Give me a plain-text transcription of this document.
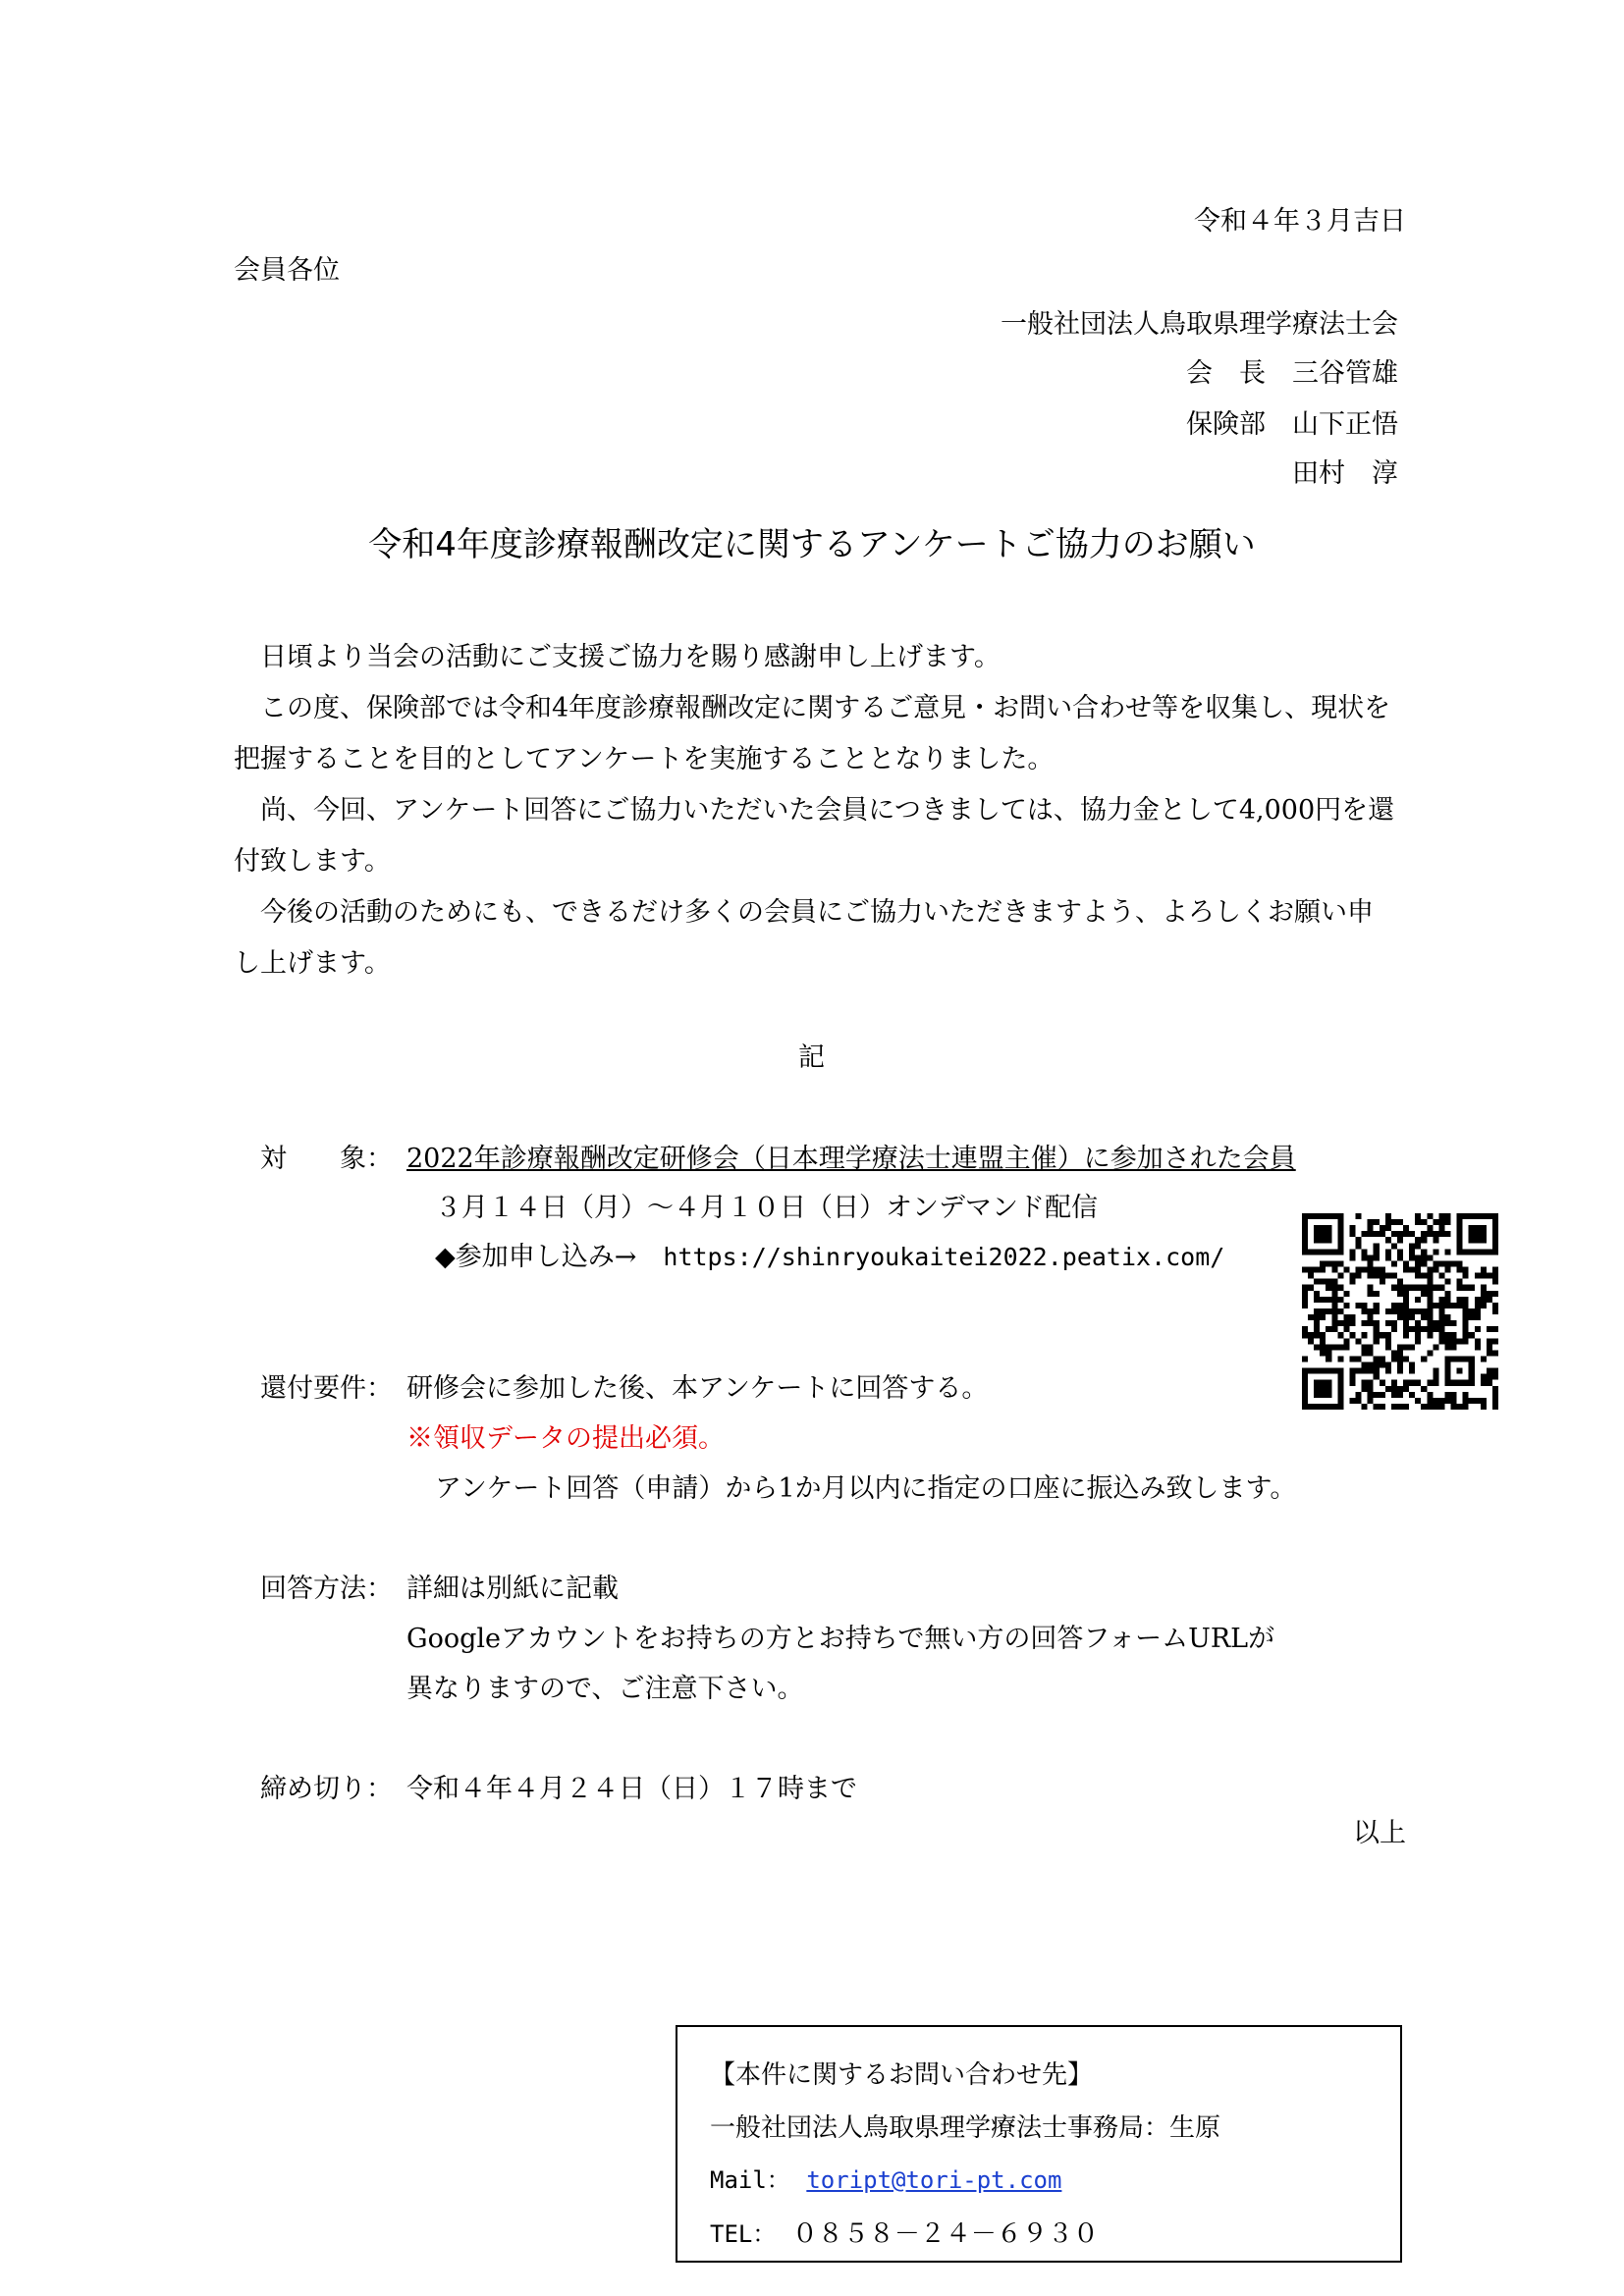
令和４年３月吉日
会員各位
一般社団法人鳥取県理学療法士会
会　長　 三谷管雄
保険部　 山下正悟
田村　淳
令和4年度診療報酬改定に関するアンケートご協力のお願い

日頃より当会の活動にご支援ご協力を賜り感謝申し上げます。

この度、保険部では令和4年度診療報酬改定に関するご意見・お問い合わせ等を収集し、現状を把握することを目的としてアンケートを実施することとなりました。

尚、今回、アンケート回答にご協力いただいた会員につきましては、協力金として4,000円を還付致します。

今後の活動のためにも、できるだけ多くの会員にご協力いただきますよう、よろしくお願い申し上げます。

記
対　　象： 2022年診療報酬改定研修会（日本理学療法士連盟主催）に参加された会員
３月１４日（月）～４月１０日（日）オンデマンド配信
◆参加申し込み→　 https://shinryoukaitei2022.peatix.com/
還付要件： 研修会に参加した後、本アンケートに回答する。
※領収データの提出必須。
アンケート回答（申請）から1か月以内に指定の口座に振込み致します。
回答方法： 詳細は別紙に記載
Googleアカウントをお持ちの方とお持ちで無い方の回答フォームURLが
異なりますので、ご注意下さい。
締め切り： 令和４年４月２４日（日）１７時まで
以上
【本件に関するお問い合わせ先】
一般社団法人鳥取県理学療法士事務局：生原
Mail： toript@tori-pt.com
TEL： ０８５８－２４－６９３０
